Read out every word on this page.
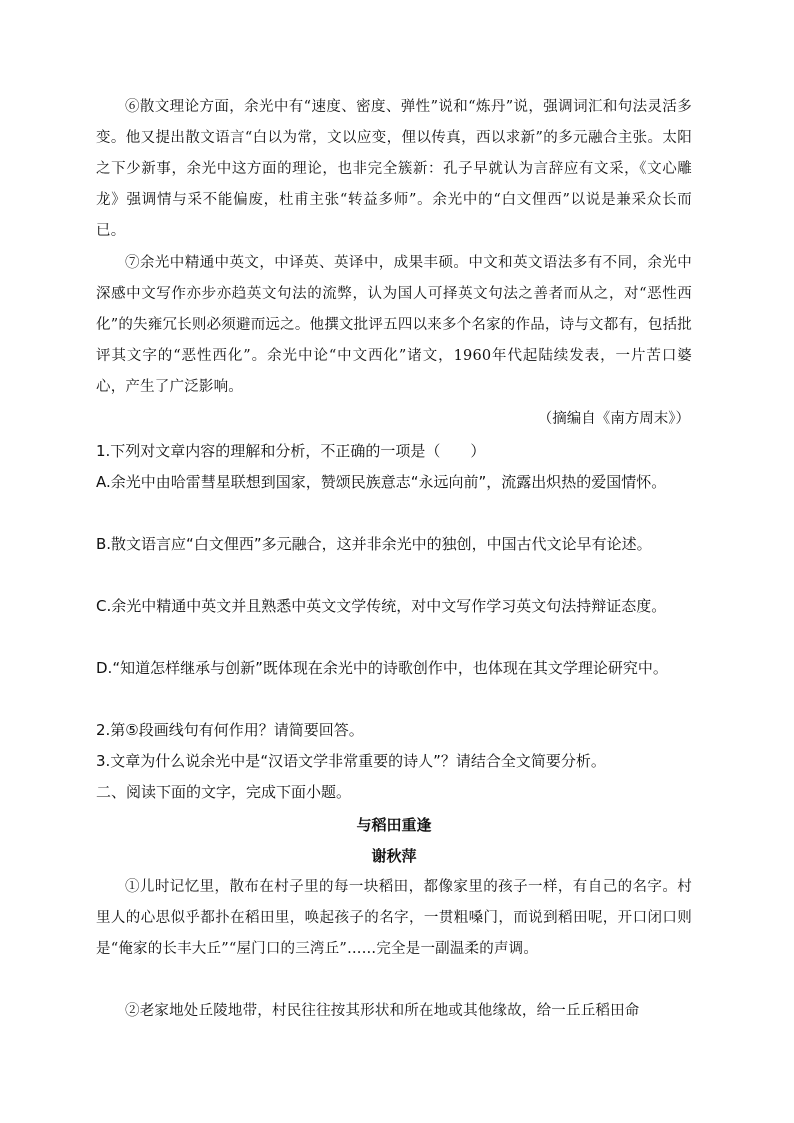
⑥散文理论方面，余光中有“速度、密度、弹性”说和“炼丹”说，强调词汇和句法灵活多变。他又提出散文语言“白以为常，文以应变，俚以传真，西以求新”的多元融合主张。太阳之下少新事，余光中这方面的理论，也非完全簇新：孔子早就认为言辞应有文采，《文心雕龙》强调情与采不能偏废，杜甫主张“转益多师”。余光中的“白文俚西”以说是兼采众长而已。

⑦余光中精通中英文，中译英、英译中，成果丰硕。中文和英文语法多有不同，余光中深感中文写作亦步亦趋英文句法的流弊，认为国人可择英文句法之善者而从之，对“恶性西化”的失雍冗长则必须避而远之。他撰文批评五四以来多个名家的作品，诗与文都有，包括批评其文字的“恶性西化”。余光中论“中文西化”诸文，1960年代起陆续发表，一片苦口婆心，产生了广泛影响。

（摘编自《南方周末》）

1.下列对文章内容的理解和分析，不正确的一项是（　　）

A.余光中由哈雷彗星联想到国家，赞颂民族意志“永远向前”，流露出炽热的爱国情怀。

B.散文语言应“白文俚西”多元融合，这并非余光中的独创，中国古代文论早有论述。

C.余光中精通中英文并且熟悉中英文文学传统，对中文写作学习英文句法持辩证态度。

D.“知道怎样继承与创新”既体现在余光中的诗歌创作中，也体现在其文学理论研究中。

2.第⑤段画线句有何作用？请简要回答。

3.文章为什么说余光中是“汉语文学非常重要的诗人”？请结合全文简要分析。

二、阅读下面的文字，完成下面小题。

与稻田重逢

谢秋萍

①儿时记忆里，散布在村子里的每一块稻田，都像家里的孩子一样，有自己的名字。村里人的心思似乎都扑在稻田里，唤起孩子的名字，一贯粗嗓门，而说到稻田呢，开口闭口则是“俺家的长丰大丘”“屋门口的三湾丘”……完全是一副温柔的声调。

②老家地处丘陵地带，村民往往按其形状和所在地或其他缘故，给一丘丘稻田命
